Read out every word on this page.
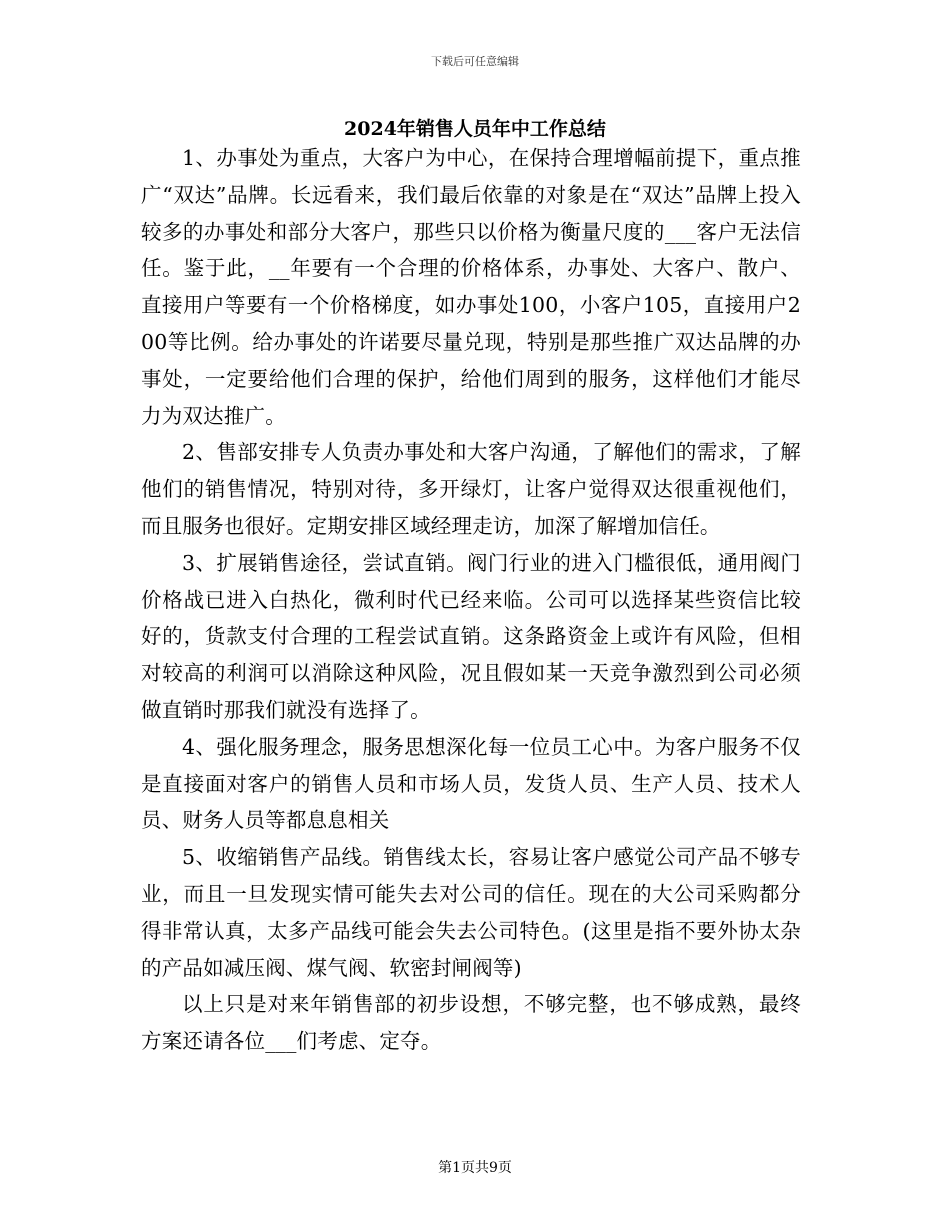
下载后可任意编辑
2024年销售人员年中工作总结

1、办事处为重点，大客户为中心，在保持合理增幅前提下，重点推广“双达”品牌。长远看来，我们最后依靠的对象是在“双达”品牌上投入较多的办事处和部分大客户，那些只以价格为衡量尺度的___客户无法信任。鉴于此，__年要有一个合理的价格体系，办事处、大客户、散户、直接用户等要有一个价格梯度，如办事处100，小客户105，直接用户200等比例。给办事处的许诺要尽量兑现，特别是那些推广双达品牌的办事处，一定要给他们合理的保护，给他们周到的服务，这样他们才能尽力为双达推广。

2、售部安排专人负责办事处和大客户沟通，了解他们的需求，了解他们的销售情况，特别对待，多开绿灯，让客户觉得双达很重视他们，而且服务也很好。定期安排区域经理走访，加深了解增加信任。

3、扩展销售途径，尝试直销。阀门行业的进入门槛很低，通用阀门价格战已进入白热化，微利时代已经来临。公司可以选择某些资信比较好的，货款支付合理的工程尝试直销。这条路资金上或许有风险，但相对较高的利润可以消除这种风险，况且假如某一天竞争激烈到公司必须做直销时那我们就没有选择了。

4、强化服务理念，服务思想深化每一位员工心中。为客户服务不仅是直接面对客户的销售人员和市场人员，发货人员、生产人员、技术人员、财务人员等都息息相关

5、收缩销售产品线。销售线太长，容易让客户感觉公司产品不够专业，而且一旦发现实情可能失去对公司的信任。现在的大公司采购都分得非常认真，太多产品线可能会失去公司特色。(这里是指不要外协太杂的产品如减压阀、煤气阀、软密封闸阀等)

以上只是对来年销售部的初步设想，不够完整，也不够成熟，最终方案还请各位___们考虑、定夺。

第1页共9页
